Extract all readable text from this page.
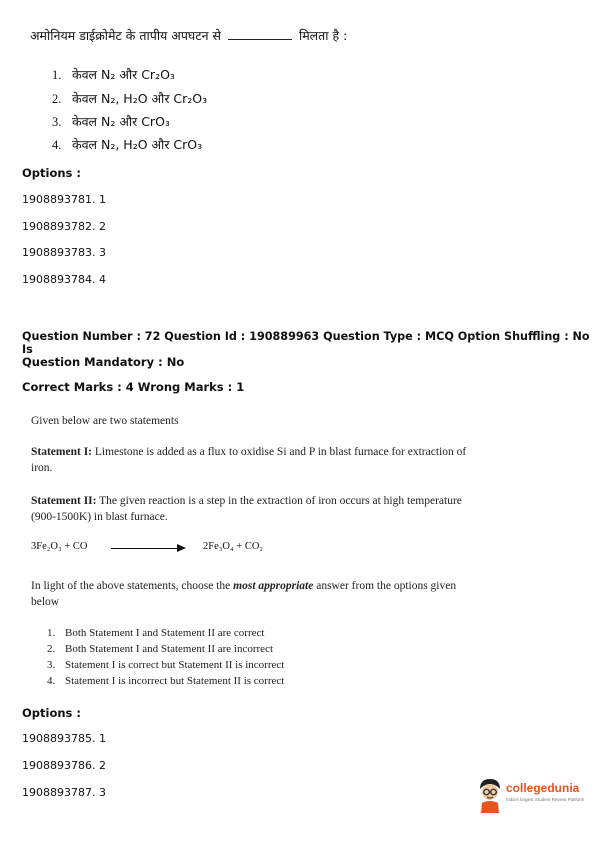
अमोनियम डाईक्रोमेट के तापीय अपघटन से	मिलता है :
1. केवल N₂ और Cr₂O₃
2. केवल N₂, H₂O और Cr₂O₃
3. केवल N₂ और CrO₃
4. केवल N₂, H₂O और CrO₃
Options :
1908893781. 1
1908893782. 2
1908893783. 3
1908893784. 4
Question Number : 72 Question Id : 190889963 Question Type : MCQ Option Shuffling : No Is
Question Mandatory : No
Correct Marks : 4 Wrong Marks : 1
Given below are two statements
Statement I: Limestone is added as a flux to oxidise Si and P in blast furnace for extraction of
iron.
Statement II: The given reaction is a step in the extraction of iron occurs at high temperature
(900-1500K) in blast furnace.
3Fe₂O₃ + CO	2Fe₃O₄ + CO₂
In light of the above statements, choose the most appropriate answer from the options given
below
1. Both Statement I and Statement II are correct
2. Both Statement I and Statement II are incorrect
3. Statement I is correct but Statement II is incorrect
4. Statement I is incorrect but Statement II is correct
Options :
1908893785. 1
1908893786. 2
1908893787. 3	collegedunia
India's largest Student Review Platform
